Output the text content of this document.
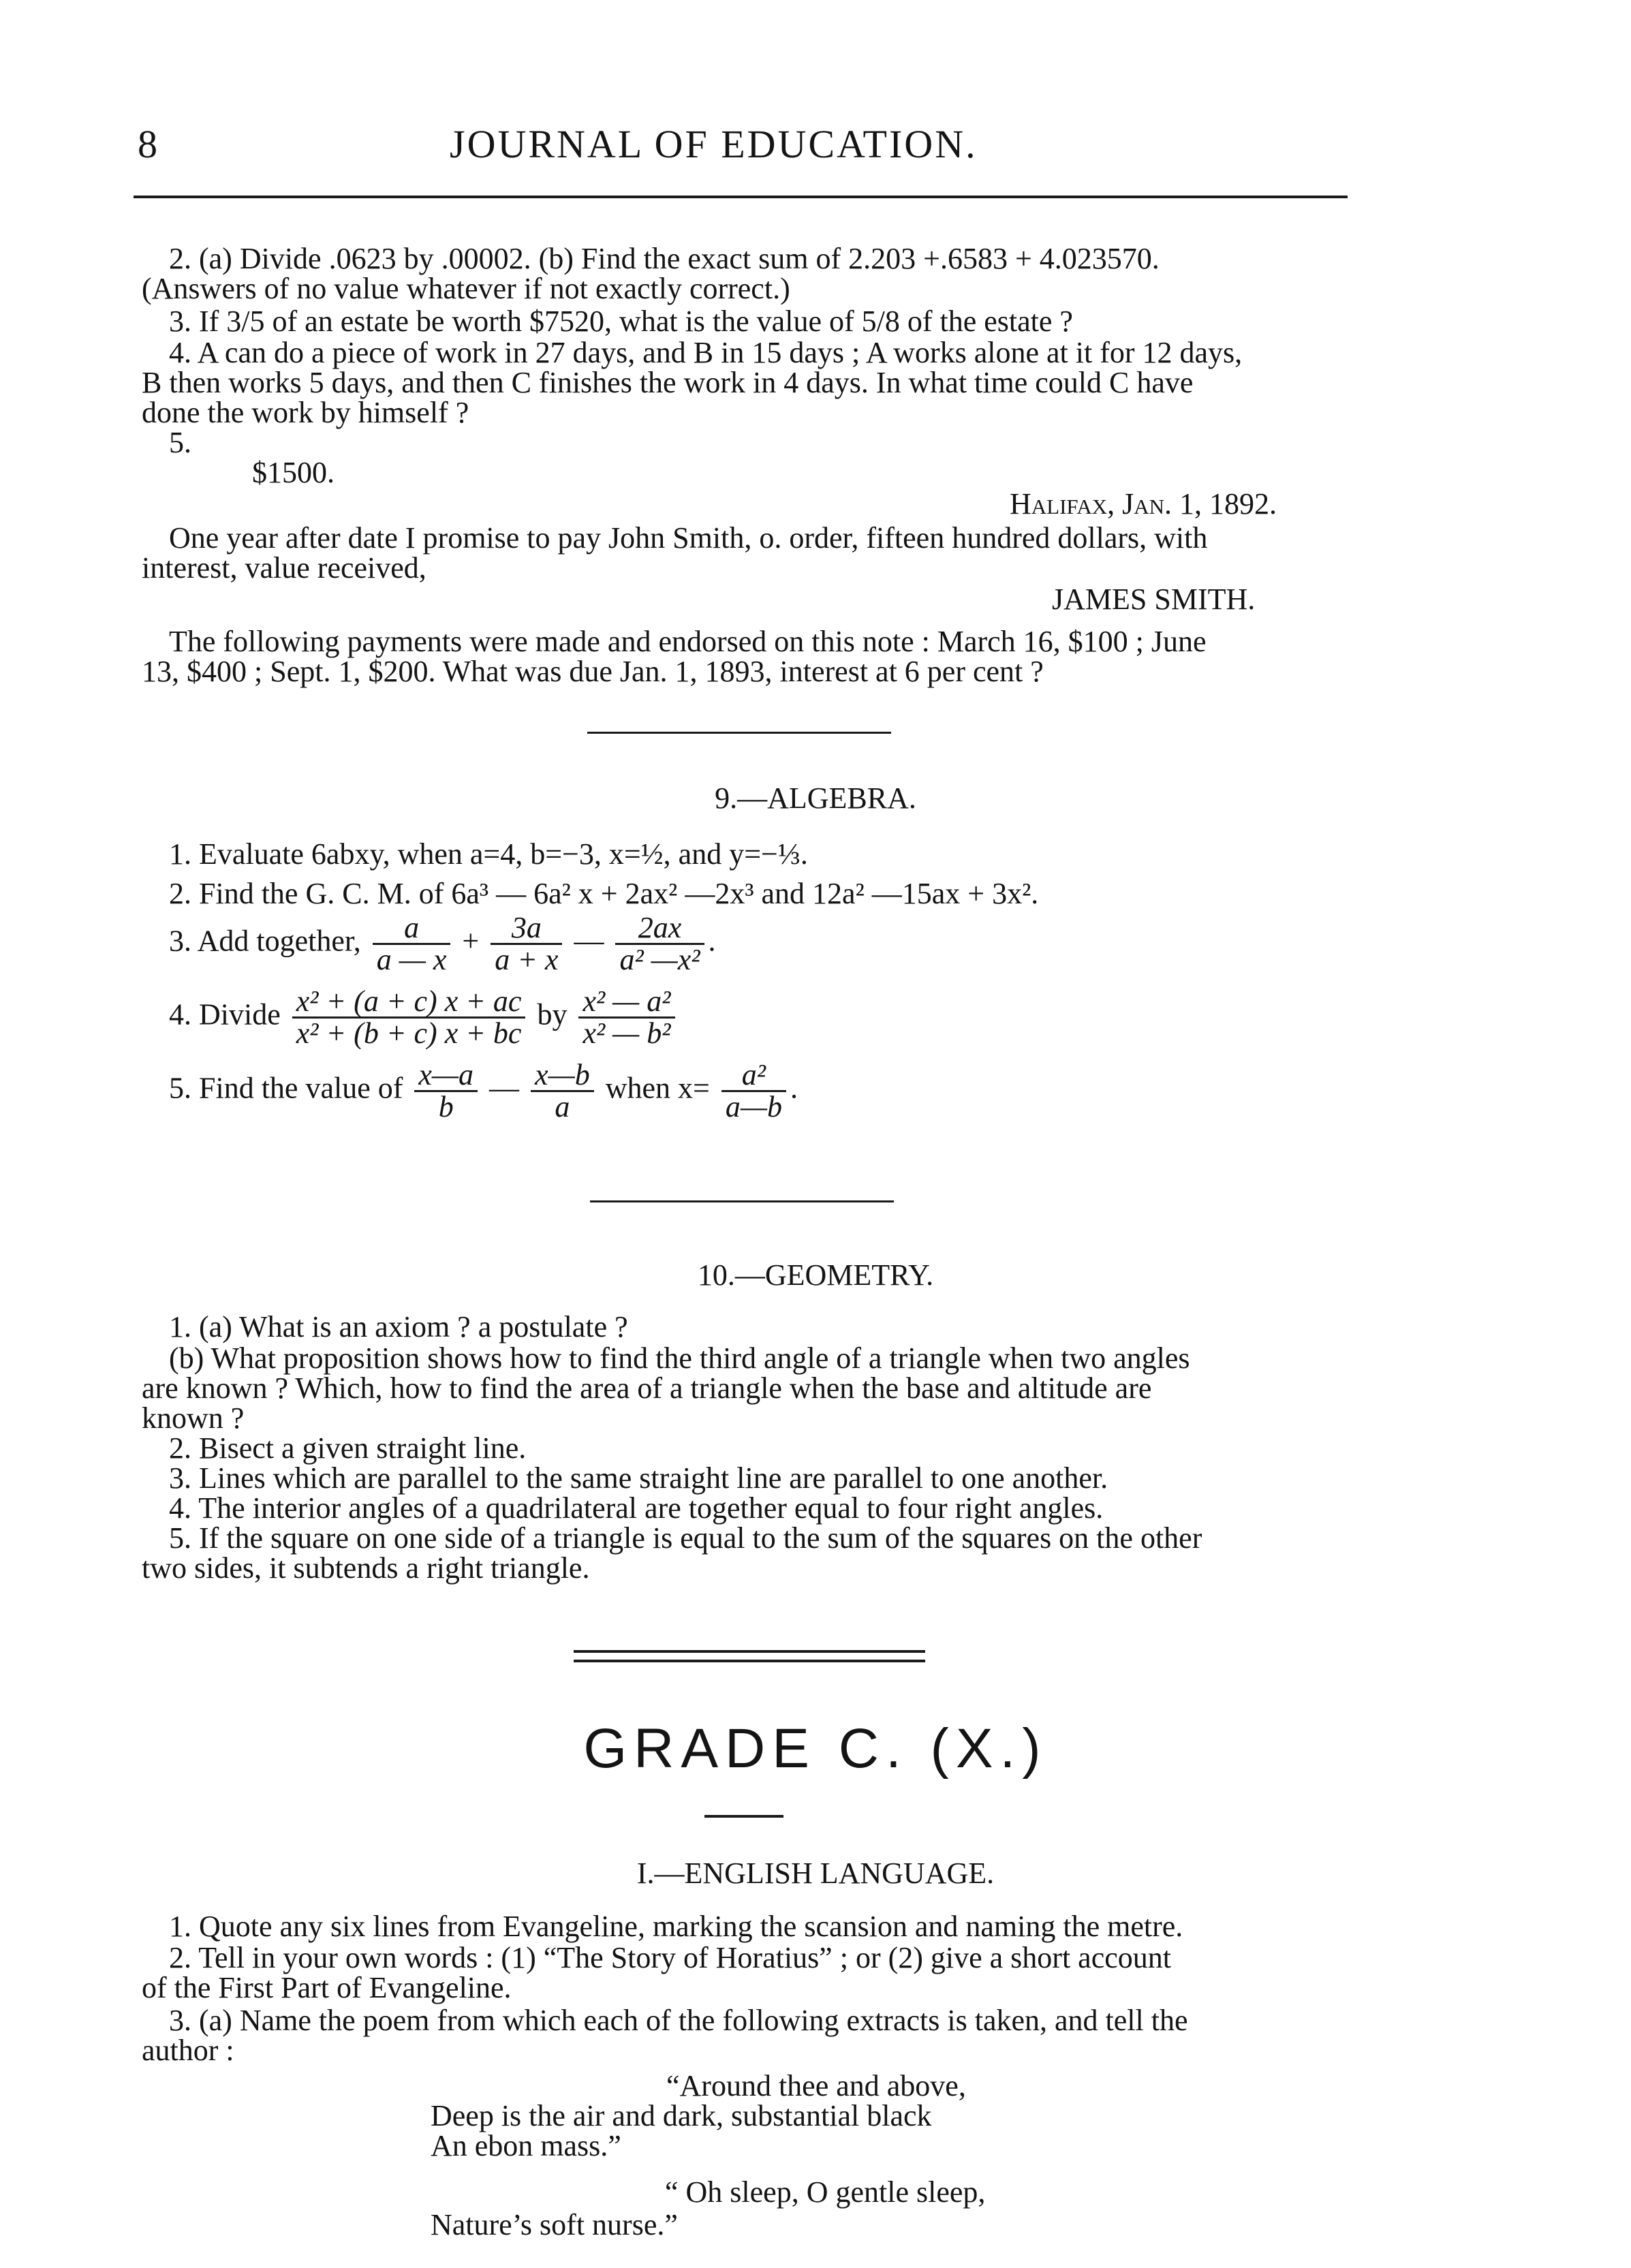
8	JOURNAL OF EDUCATION.
2. (a) Divide .0623 by .00002. (b) Find the exact sum of 2.203 +.6583 + 4.023570.
(Answers of no value whatever if not exactly correct.)
3. If 3/5 of an estate be worth $7520, what is the value of 5/8 of the estate ?
4. A can do a piece of work in 27 days, and B in 15 days ; A works alone at it for 12 days,
B then works 5 days, and then C finishes the work in 4 days. In what time could C have
done the work by himself ?
5.
$1500.
Halifax, Jan. 1, 1892.
One year after date I promise to pay John Smith, o. order, fifteen hundred dollars, with
interest, value received,
JAMES SMITH.
The following payments were made and endorsed on this note : March 16, $100 ; June
13, $400 ; Sept. 1, $200. What was due Jan. 1, 1893, interest at 6 per cent ?
9.—ALGEBRA.
1. Evaluate 6abxy, when a=4, b=−3, x=½, and y=−⅓.
2. Find the G. C. M. of 6a³ — 6a² x + 2ax² —2x³ and 12a² —15ax + 3x².
3. Add together, $\frac{a}{a — x} + \frac{3a}{a + x}$ — $\frac{2ax}{\text{a² —x²}}$ .
4. Divide $\frac{\text{x² + (a + c) x + ac}}{\text{x² + (b + c) x + bc}}$ by $\frac{\text{x² — a²}}{\text{x² — b²}}$
5. Find the value of $\frac{x—a}{b}$ — $\frac{x—b}{a}$ when $x= \frac{\text{a²}}{a—b}$ .
10.—GEOMETRY.
1. (a) What is an axiom ? a postulate ?
(b) What proposition shows how to find the third angle of a triangle when two angles
are known ? Which, how to find the area of a triangle when the base and altitude are
known ?
2. Bisect a given straight line.
3. Lines which are parallel to the same straight line are parallel to one another.
4. The interior angles of a quadrilateral are together equal to four right angles.
5. If the square on one side of a triangle is equal to the sum of the squares on the other
two sides, it subtends a right triangle.
GRADE C. (X.)
I.—ENGLISH LANGUAGE.
1. Quote any six lines from Evangeline, marking the scansion and naming the metre.
2. Tell in your own words : (1) “The Story of Horatius” ; or (2) give a short account
of the First Part of Evangeline.
3. (a) Name the poem from which each of the following extracts is taken, and tell the
author :
“Around thee and above,
Deep is the air and dark, substantial black
An ebon mass.”
“ Oh sleep, O gentle sleep,
Nature’s soft nurse.”
